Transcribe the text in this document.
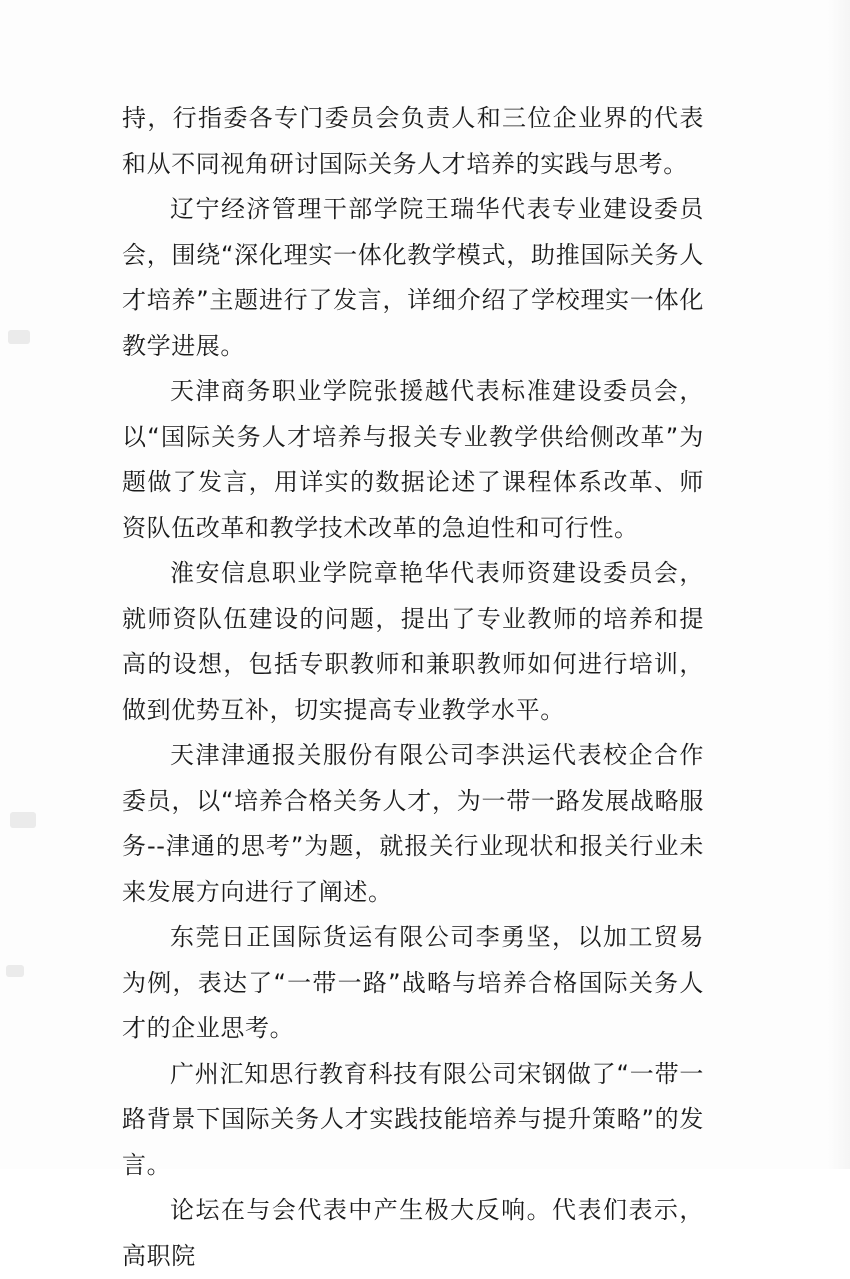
持，行指委各专门委员会负责人和三位企业界的代表和从不同视角研讨国际关务人才培养的实践与思考。

辽宁经济管理干部学院王瑞华代表专业建设委员会，围绕“深化理实一体化教学模式，助推国际关务人才培养”主题进行了发言，详细介绍了学校理实一体化教学进展。

天津商务职业学院张援越代表标准建设委员会，以“国际关务人才培养与报关专业教学供给侧改革”为题做了发言，用详实的数据论述了课程体系改革、师资队伍改革和教学技术改革的急迫性和可行性。

淮安信息职业学院章艳华代表师资建设委员会，就师资队伍建设的问题，提出了专业教师的培养和提高的设想，包括专职教师和兼职教师如何进行培训，做到优势互补，切实提高专业教学水平。

天津津通报关服份有限公司李洪运代表校企合作委员，以“培养合格关务人才，为一带一路发展战略服务--津通的思考”为题，就报关行业现状和报关行业未来发展方向进行了阐述。

东莞日正国际货运有限公司李勇坚，以加工贸易为例，表达了“一带一路”战略与培养合格国际关务人才的企业思考。

广州汇知思行教育科技有限公司宋钢做了“一带一路背景下国际关务人才实践技能培养与提升策略”的发言。

论坛在与会代表中产生极大反响。代表们表示，高职院
